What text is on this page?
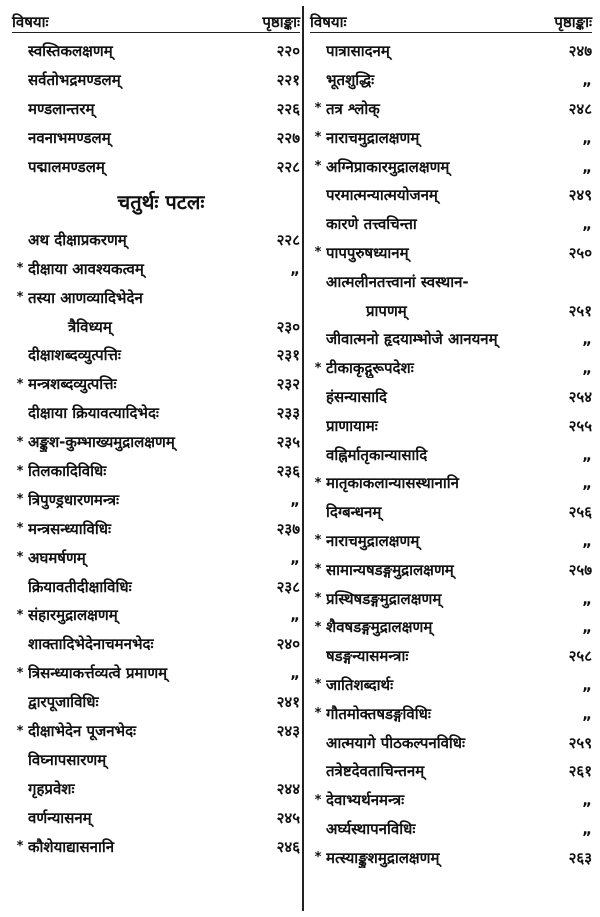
विषयाः	पृष्ठाङ्काः
स्वस्तिकलक्षणम्	२२०
सर्वतोभद्रमण्डलम्	२२१
मण्डलान्तरम्	२२६
नवनाभमण्डलम्	२२७
पद्मालमण्डलम्	२२८
चतुर्थः पटलः
अथ दीक्षाप्रकरणम्	२२८
* दीक्षाया आवश्यकत्वम्	„
* तस्या आणव्यादिभेदेन
त्रैविध्यम्	२३०
दीक्षाशब्दव्युत्पत्तिः	२३१
* मन्त्रशब्दव्युत्पत्तिः	२३२
दीक्षाया क्रियावत्यादिभेदः	२३३
* अङ्कुश-कुम्भाख्यमुद्रालक्षणम्	२३५
* तिलकादिविधिः	२३६
* त्रिपुण्ड्रधारणमन्त्रः	„
* मन्त्रसन्ध्याविधिः	२३७
* अघमर्षणम्	„
क्रियावतीदीक्षाविधिः	२३८
* संहारमुद्रालक्षणम्	„
शाक्तादिभेदेनाचमनभेदः	२४०
* त्रिसन्ध्याकर्त्तव्यत्वे प्रमाणम्	„
द्वारपूजाविधिः	२४१
* दीक्षाभेदेन पूजनभेदः	२४३
विघ्नापसारणम्
गृहप्रवेशः	२४४
वर्णन्यासनम्	२४५
* कौशेयाद्यासनानि	२४६
विषयाः	पृष्ठाङ्काः
पात्रासादनम्	२४७
भूतशुद्धिः	„
* तत्र श्लोक्	२४८
* नाराचमुद्रालक्षणम्	„
* अग्निप्राकारमुद्रालक्षणम्	„
परमात्मन्यात्मयोजनम्	२४९
कारणे तत्त्वचिन्ता	„
* पापपुरुषध्यानम्	२५०
आत्मलीनतत्त्वानां स्वस्थान-
प्रापणम्	२५१
जीवात्मनो हृदयाम्भोजे आनयनम्	„
* टीकाकृद्गुरूपदेशः	„
हंसन्यासादि	२५४
प्राणायामः	२५५
वह्निर्मातृकान्यासादि	„
* मातृकाकलान्यासस्थानानि	„
दिग्बन्धनम्	२५६
* नाराचमुद्रालक्षणम्	„
* सामान्यषडङ्गमुद्रालक्षणम्	२५७
* प्रस्थिषडङ्गमुद्रालक्षणम्	„
* शैवषडङ्गमुद्रालक्षणम्	„
षडङ्गन्यासमन्त्राः	२५८
* जातिशब्दार्थः	„
* गौतमोक्तषडङ्गविधिः	„
आत्मयागे पीठकल्पनविधिः	२५९
तत्रेष्टदेवताचिन्तनम्	२६१
* देवाभ्यर्थनमन्त्रः	„
अर्घ्यस्थापनविधिः	„
* मत्स्याङ्कुशमुद्रालक्षणम्	२६३
